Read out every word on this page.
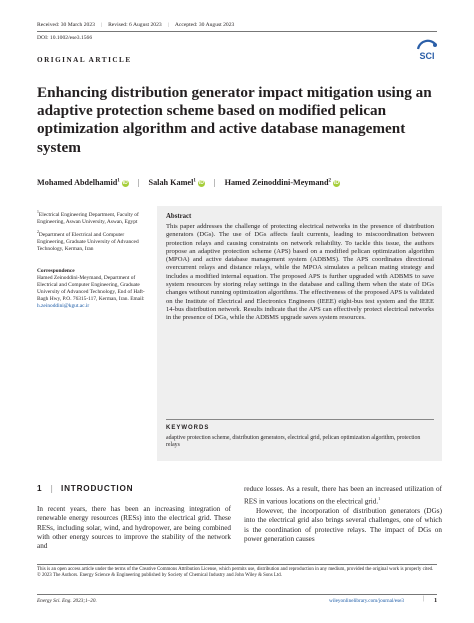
Received: 30 March 2023 | Revised: 6 August 2023 | Accepted: 30 August 2023
DOI: 10.1002/ese3.1566
ORIGINAL ARTICLE	SCI
Enhancing distribution generator impact mitigation using an adaptive protection scheme based on modified pelican optimization algorithm and active database management system
Mohamed Abdelhamid$^1$ iD | Salah Kamel$^1$ iD | Hamed Zeinoddini-Meymand$^2$ iD
$^1$Electrical Engineering Department, Faculty of Engineering, Aswan University, Aswan, Egypt
$^2$Department of Electrical and Computer Engineering, Graduate University of Advanced Technology, Kerman, Iran
Correspondence
Hamed Zeinoddini-Meymand, Department of Electrical and Computer Engineering, Graduate University of Advanced Technology, End of Haft-Bagh Hwy, P.O. 76315-117, Kerman, Iran. Email: h.zeinoddini@kgut.ac.ir
Abstract
This paper addresses the challenge of protecting electrical networks in the presence of distribution generators (DGs). The use of DGs affects fault currents, leading to miscoordination between protection relays and causing constraints on network reliability. To tackle this issue, the authors propose an adaptive protection scheme (APS) based on a modified pelican optimization algorithm (MPOA) and active database management system (ADBMS). The APS coordinates directional overcurrent relays and distance relays, while the MPOA simulates a pelican mating strategy and includes a modified internal equation. The proposed APS is further upgraded with ADBMS to save system resources by storing relay settings in the database and calling them when the state of DGs changes without running optimization algorithms. The effectiveness of the proposed APS is validated on the Institute of Electrical and Electronics Engineers (IEEE) eight-bus test system and the IEEE 14-bus distribution network. Results indicate that the APS can effectively protect electrical networks in the presence of DGs, while the ADBMS upgrade saves system resources.
KEYWORDS
adaptive protection scheme, distribution generators, electrical grid, pelican optimization algorithm, protection relays
1 | INTRODUCTION
In recent years, there has been an increasing integration of renewable energy resources (RESs) into the electrical grid. These RESs, including solar, wind, and hydropower, are being combined with other energy sources to improve the stability of the network and

reduce losses. As a result, there has been an increased utilization of RES in various locations on the electrical grid.$^1$

However, the incorporation of distribution generators (DGs) into the electrical grid also brings several challenges, one of which is the coordination of protective relays. The impact of DGs on power generation causes

This is an open access article under the terms of the Creative Commons Attribution License, which permits use, distribution and reproduction in any medium, provided the original work is properly cited.
© 2023 The Authors. Energy Science & Engineering published by Society of Chemical Industry and John Wiley & Sons Ltd.
Energy Sci. Eng. 2023;1–20.	wileyonlinelibrary.com/journal/ese3	| 1
